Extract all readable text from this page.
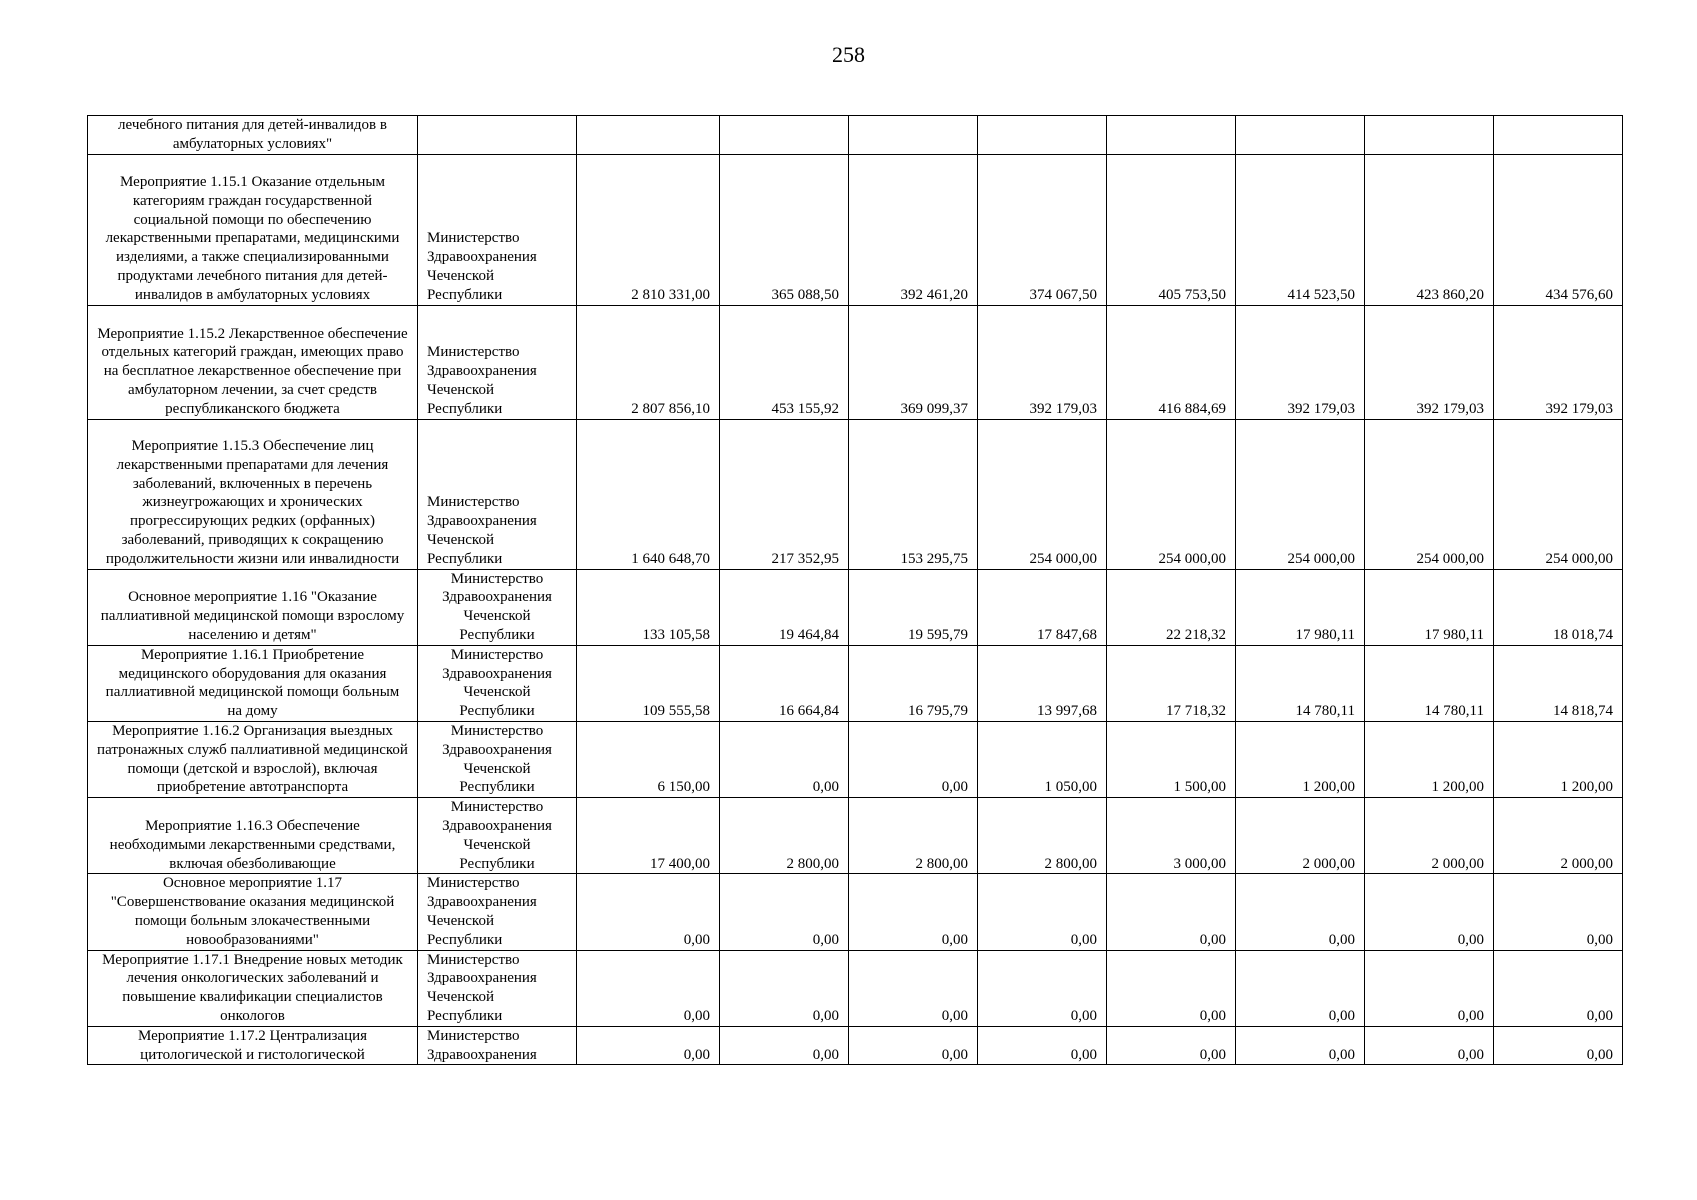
258
лечебного питания для детей-инвалидов в амбулаторных условиях"									
Мероприятие 1.15.1 Оказание отдельным категориям граждан государственной социальной помощи по обеспечению лекарственными препаратами, медицинскими изделиями, а также специализированными продуктами лечебного питания для детей-инвалидов в амбулаторных условиях	Министерство Здравоохранения Чеченской Республики	2 810 331,00	365 088,50	392 461,20	374 067,50	405 753,50	414 523,50	423 860,20	434 576,60
Мероприятие 1.15.2 Лекарственное обеспечение отдельных категорий граждан, имеющих право на бесплатное лекарственное обеспечение при амбулаторном лечении, за счет средств республиканского бюджета	Министерство Здравоохранения Чеченской Республики	2 807 856,10	453 155,92	369 099,37	392 179,03	416 884,69	392 179,03	392 179,03	392 179,03
Мероприятие 1.15.3 Обеспечение лиц лекарственными препаратами для лечения заболеваний, включенных в перечень жизнеугрожающих и хронических прогрессирующих редких (орфанных) заболеваний, приводящих к сокращению продолжительности жизни или инвалидности	Министерство Здравоохранения Чеченской Республики	1 640 648,70	217 352,95	153 295,75	254 000,00	254 000,00	254 000,00	254 000,00	254 000,00
Основное мероприятие 1.16 "Оказание паллиативной медицинской помощи взрослому населению и детям"	Министерство Здравоохранения Чеченской Республики	133 105,58	19 464,84	19 595,79	17 847,68	22 218,32	17 980,11	17 980,11	18 018,74
Мероприятие 1.16.1 Приобретение медицинского оборудования для оказания паллиативной медицинской помощи больным на дому	Министерство Здравоохранения Чеченской Республики	109 555,58	16 664,84	16 795,79	13 997,68	17 718,32	14 780,11	14 780,11	14 818,74
Мероприятие 1.16.2 Организация выездных патронажных служб паллиативной медицинской помощи (детской и взрослой), включая приобретение автотранспорта	Министерство Здравоохранения Чеченской Республики	6 150,00	0,00	0,00	1 050,00	1 500,00	1 200,00	1 200,00	1 200,00
Мероприятие 1.16.3 Обеспечение необходимыми лекарственными средствами, включая обезболивающие	Министерство Здравоохранения Чеченской Республики	17 400,00	2 800,00	2 800,00	2 800,00	3 000,00	2 000,00	2 000,00	2 000,00
Основное мероприятие 1.17 "Совершенствование оказания медицинской помощи больным злокачественными новообразованиями"	Министерство Здравоохранения Чеченской Республики	0,00	0,00	0,00	0,00	0,00	0,00	0,00	0,00
Мероприятие 1.17.1 Внедрение новых методик лечения онкологических заболеваний и повышение квалификации специалистов онкологов	Министерство Здравоохранения Чеченской Республики	0,00	0,00	0,00	0,00	0,00	0,00	0,00	0,00
Мероприятие 1.17.2 Централизация цитологической и гистологической	Министерство Здравоохранения	0,00	0,00	0,00	0,00	0,00	0,00	0,00	0,00
